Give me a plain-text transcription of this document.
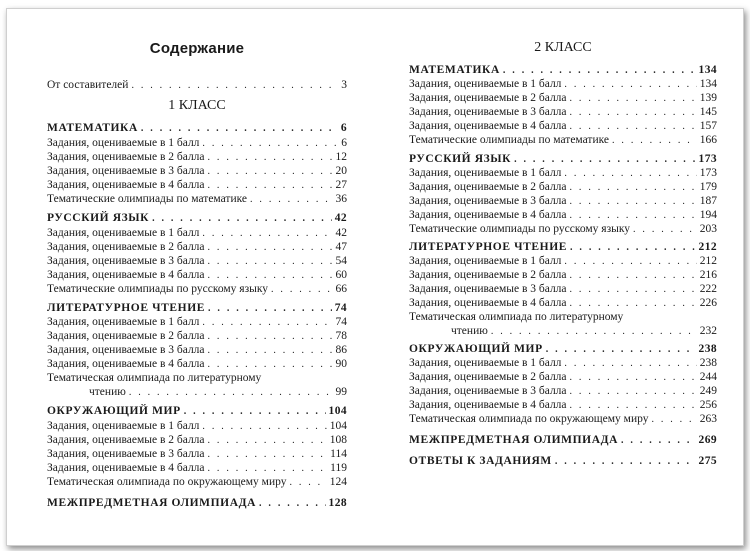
Содержание
От составителей . . .	3
1 КЛАСС
МАТЕМАТИКА . . .	6
Задания, оцениваемые в 1 балл . . .	6
Задания, оцениваемые в 2 балла . . .	12
Задания, оцениваемые в 3 балла . . .	20
Задания, оцениваемые в 4 балла . . .	27
Тематические олимпиады по математике . . .	36
РУССКИЙ ЯЗЫК . . .	42
Задания, оцениваемые в 1 балл . . .	42
Задания, оцениваемые в 2 балла . . .	47
Задания, оцениваемые в 3 балла . . .	54
Задания, оцениваемые в 4 балла . . .	60
Тематические олимпиады по русскому языку . . .	66
ЛИТЕРАТУРНОЕ ЧТЕНИЕ . . .	74
Задания, оцениваемые в 1 балл . . .	74
Задания, оцениваемые в 2 балла . . .	78
Задания, оцениваемые в 3 балла . . .	86
Задания, оцениваемые в 4 балла . . .	90
Тематическая олимпиада по литературному
чтению . . .	99
ОКРУЖАЮЩИЙ МИР . . .	104
Задания, оцениваемые в 1 балл . . .	104
Задания, оцениваемые в 2 балла . . .	108
Задания, оцениваемые в 3 балла . . .	114
Задания, оцениваемые в 4 балла . . .	119
Тематическая олимпиада по окружающему миру . . .	124
МЕЖПРЕДМЕТНАЯ ОЛИМПИАДА . . .	128
2 КЛАСС
МАТЕМАТИКА . . .	134
Задания, оцениваемые в 1 балл . . .	134
Задания, оцениваемые в 2 балла . . .	139
Задания, оцениваемые в 3 балла . . .	145
Задания, оцениваемые в 4 балла . . .	157
Тематические олимпиады по математике . . .	166
РУССКИЙ ЯЗЫК . . .	173
Задания, оцениваемые в 1 балл . . .	173
Задания, оцениваемые в 2 балла . . .	179
Задания, оцениваемые в 3 балла . . .	187
Задания, оцениваемые в 4 балла . . .	194
Тематические олимпиады по русскому языку . . .	203
ЛИТЕРАТУРНОЕ ЧТЕНИЕ . . .	212
Задания, оцениваемые в 1 балл . . .	212
Задания, оцениваемые в 2 балла . . .	216
Задания, оцениваемые в 3 балла . . .	222
Задания, оцениваемые в 4 балла . . .	226
Тематическая олимпиада по литературному
чтению . . .	232
ОКРУЖАЮЩИЙ МИР . . .	238
Задания, оцениваемые в 1 балл . . .	238
Задания, оцениваемые в 2 балла . . .	244
Задания, оцениваемые в 3 балла . . .	249
Задания, оцениваемые в 4 балла . . .	256
Тематическая олимпиада по окружающему миру . . .	263
МЕЖПРЕДМЕТНАЯ ОЛИМПИАДА . . .	269
ОТВЕТЫ К ЗАДАНИЯМ . . .	275
